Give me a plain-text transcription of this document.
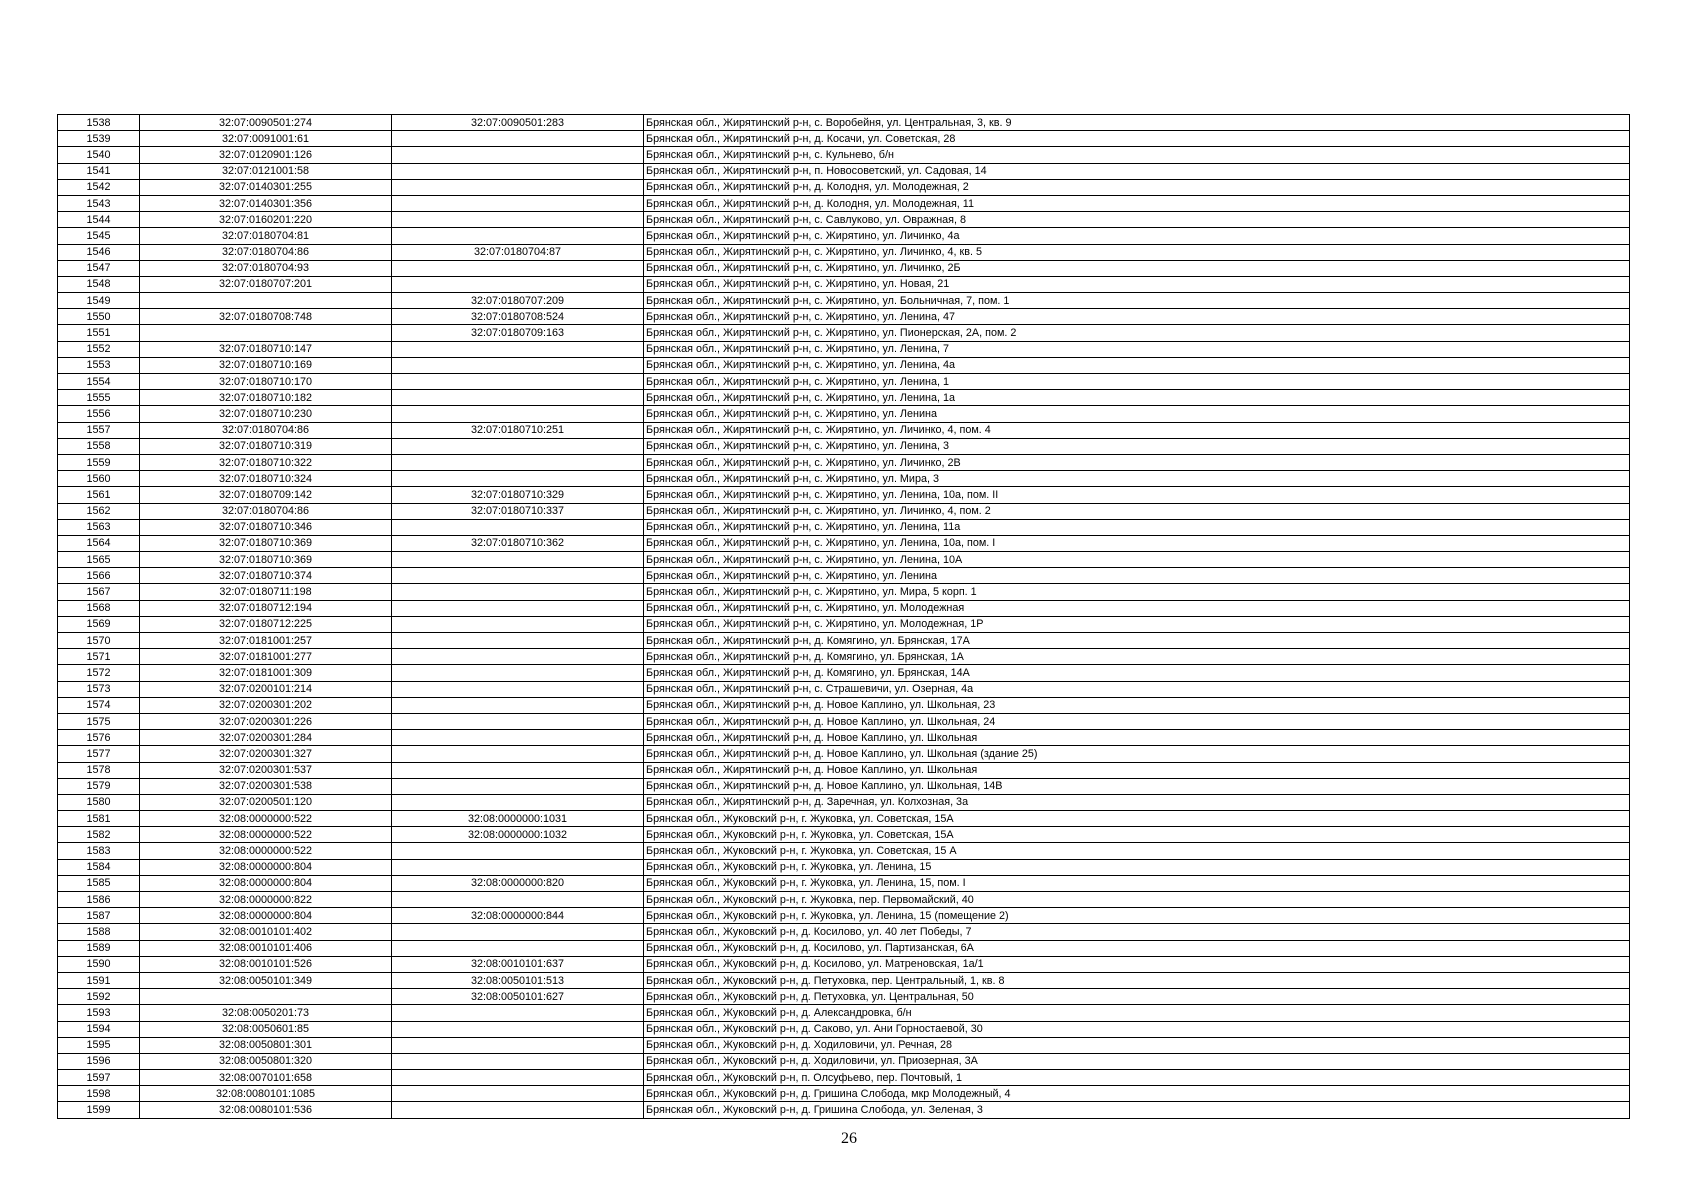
1538	32:07:0090501:274	32:07:0090501:283	Брянская обл., Жирятинский р-н, с. Воробейня, ул. Центральная, 3, кв. 9
1539	32:07:0091001:61		Брянская обл., Жирятинский р-н, д. Косачи, ул. Советская, 28
1540	32:07:0120901:126		Брянская обл., Жирятинский р-н, с. Кульнево, б/н
1541	32:07:0121001:58		Брянская обл., Жирятинский р-н, п. Новосоветский, ул. Садовая, 14
1542	32:07:0140301:255		Брянская обл., Жирятинский р-н, д. Колодня, ул. Молодежная, 2
1543	32:07:0140301:356		Брянская обл., Жирятинский р-н, д. Колодня, ул. Молодежная, 11
1544	32:07:0160201:220		Брянская обл., Жирятинский р-н, с. Савлуково, ул. Овражная, 8
1545	32:07:0180704:81		Брянская обл., Жирятинский р-н, с. Жирятино, ул. Личинко, 4а
1546	32:07:0180704:86	32:07:0180704:87	Брянская обл., Жирятинский р-н, с. Жирятино, ул. Личинко, 4, кв. 5
1547	32:07:0180704:93		Брянская обл., Жирятинский р-н, с. Жирятино, ул. Личинко, 2Б
1548	32:07:0180707:201		Брянская обл., Жирятинский р-н, с. Жирятино, ул. Новая, 21
1549		32:07:0180707:209	Брянская обл., Жирятинский р-н, с. Жирятино, ул. Больничная, 7, пом. 1
1550	32:07:0180708:748	32:07:0180708:524	Брянская обл., Жирятинский р-н, с. Жирятино, ул. Ленина, 47
1551		32:07:0180709:163	Брянская обл., Жирятинский р-н, с. Жирятино, ул. Пионерская, 2А, пом. 2
1552	32:07:0180710:147		Брянская обл., Жирятинский р-н, с. Жирятино, ул. Ленина, 7
1553	32:07:0180710:169		Брянская обл., Жирятинский р-н, с. Жирятино, ул. Ленина, 4а
1554	32:07:0180710:170		Брянская обл., Жирятинский р-н, с. Жирятино, ул. Ленина, 1
1555	32:07:0180710:182		Брянская обл., Жирятинский р-н, с. Жирятино, ул. Ленина, 1а
1556	32:07:0180710:230		Брянская обл., Жирятинский р-н, с. Жирятино, ул. Ленина
1557	32:07:0180704:86	32:07:0180710:251	Брянская обл., Жирятинский р-н, с. Жирятино, ул. Личинко, 4, пом. 4
1558	32:07:0180710:319		Брянская обл., Жирятинский р-н, с. Жирятино, ул. Ленина, 3
1559	32:07:0180710:322		Брянская обл., Жирятинский р-н, с. Жирятино, ул. Личинко, 2В
1560	32:07:0180710:324		Брянская обл., Жирятинский р-н, с. Жирятино, ул. Мира, 3
1561	32:07:0180709:142	32:07:0180710:329	Брянская обл., Жирятинский р-н, с. Жирятино, ул. Ленина, 10а, пом. II
1562	32:07:0180704:86	32:07:0180710:337	Брянская обл., Жирятинский р-н, с. Жирятино, ул. Личинко, 4, пом. 2
1563	32:07:0180710:346		Брянская обл., Жирятинский р-н, с. Жирятино, ул. Ленина, 11а
1564	32:07:0180710:369	32:07:0180710:362	Брянская обл., Жирятинский р-н, с. Жирятино, ул. Ленина, 10а, пом. I
1565	32:07:0180710:369		Брянская обл., Жирятинский р-н, с. Жирятино, ул. Ленина, 10А
1566	32:07:0180710:374		Брянская обл., Жирятинский р-н, с. Жирятино, ул. Ленина
1567	32:07:0180711:198		Брянская обл., Жирятинский р-н, с. Жирятино, ул. Мира, 5 корп. 1
1568	32:07:0180712:194		Брянская обл., Жирятинский р-н, с. Жирятино, ул. Молодежная
1569	32:07:0180712:225		Брянская обл., Жирятинский р-н, с. Жирятино, ул. Молодежная, 1Р
1570	32:07:0181001:257		Брянская обл., Жирятинский р-н, д. Комягино, ул. Брянская, 17А
1571	32:07:0181001:277		Брянская обл., Жирятинский р-н, д. Комягино, ул. Брянская, 1А
1572	32:07:0181001:309		Брянская обл., Жирятинский р-н, д. Комягино, ул. Брянская, 14А
1573	32:07:0200101:214		Брянская обл., Жирятинский р-н, с. Страшевичи, ул. Озерная, 4а
1574	32:07:0200301:202		Брянская обл., Жирятинский р-н, д. Новое Каплино, ул. Школьная, 23
1575	32:07:0200301:226		Брянская обл., Жирятинский р-н, д. Новое Каплино, ул. Школьная, 24
1576	32:07:0200301:284		Брянская обл., Жирятинский р-н, д. Новое Каплино, ул. Школьная
1577	32:07:0200301:327		Брянская обл., Жирятинский р-н, д. Новое Каплино, ул. Школьная (здание 25)
1578	32:07:0200301:537		Брянская обл., Жирятинский р-н, д. Новое Каплино, ул. Школьная
1579	32:07:0200301:538		Брянская обл., Жирятинский р-н, д. Новое Каплино, ул. Школьная, 14В
1580	32:07:0200501:120		Брянская обл., Жирятинский р-н, д. Заречная, ул. Колхозная, 3а
1581	32:08:0000000:522	32:08:0000000:1031	Брянская обл., Жуковский р-н, г. Жуковка, ул. Советская, 15А
1582	32:08:0000000:522	32:08:0000000:1032	Брянская обл., Жуковский р-н, г. Жуковка, ул. Советская, 15А
1583	32:08:0000000:522		Брянская обл., Жуковский р-н, г. Жуковка, ул. Советская, 15 А
1584	32:08:0000000:804		Брянская обл., Жуковский р-н, г. Жуковка, ул. Ленина, 15
1585	32:08:0000000:804	32:08:0000000:820	Брянская обл., Жуковский р-н, г. Жуковка, ул. Ленина, 15, пом. I
1586	32:08:0000000:822		Брянская обл., Жуковский р-н, г. Жуковка, пер. Первомайский, 40
1587	32:08:0000000:804	32:08:0000000:844	Брянская обл., Жуковский р-н, г. Жуковка, ул. Ленина, 15 (помещение 2)
1588	32:08:0010101:402		Брянская обл., Жуковский р-н, д. Косилово, ул. 40 лет Победы, 7
1589	32:08:0010101:406		Брянская обл., Жуковский р-н, д. Косилово, ул. Партизанская, 6А
1590	32:08:0010101:526	32:08:0010101:637	Брянская обл., Жуковский р-н, д. Косилово, ул. Матреновская, 1а/1
1591	32:08:0050101:349	32:08:0050101:513	Брянская обл., Жуковский р-н, д. Петуховка, пер. Центральный, 1, кв. 8
1592		32:08:0050101:627	Брянская обл., Жуковский р-н, д. Петуховка, ул. Центральная, 50
1593	32:08:0050201:73		Брянская обл., Жуковский р-н, д. Александровка, б/н
1594	32:08:0050601:85		Брянская обл., Жуковский р-н, д. Саково, ул. Ани Горностаевой, 30
1595	32:08:0050801:301		Брянская обл., Жуковский р-н, д. Ходиловичи, ул. Речная, 28
1596	32:08:0050801:320		Брянская обл., Жуковский р-н, д. Ходиловичи, ул. Приозерная, 3А
1597	32:08:0070101:658		Брянская обл., Жуковский р-н, п. Олсуфьево, пер. Почтовый, 1
1598	32:08:0080101:1085		Брянская обл., Жуковский р-н, д. Гришина Слобода, мкр Молодежный, 4
1599	32:08:0080101:536		Брянская обл., Жуковский р-н, д. Гришина Слобода, ул. Зеленая, 3
26
